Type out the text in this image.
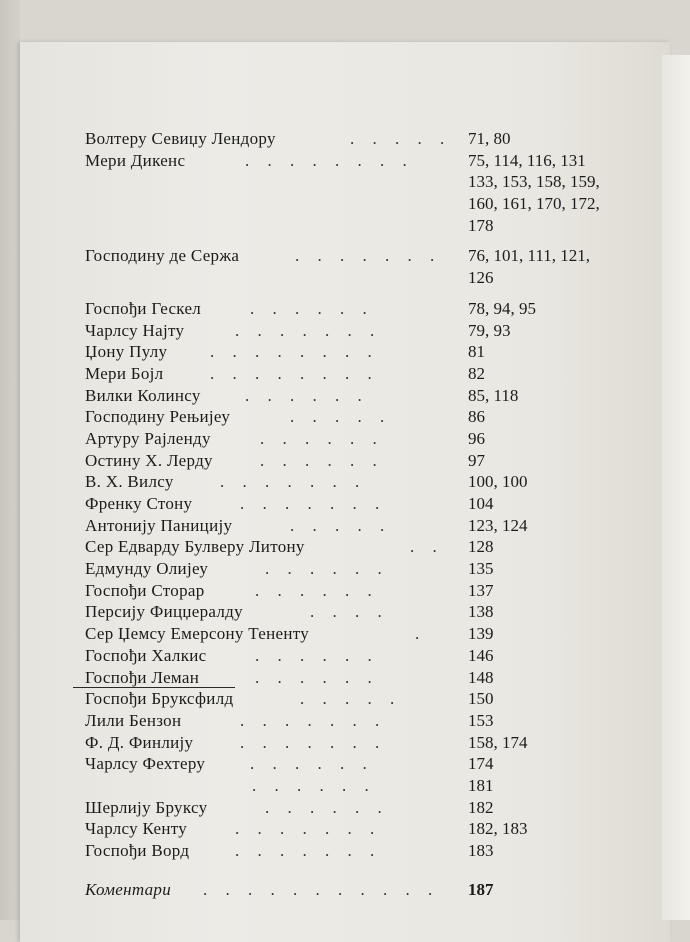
Волтеру Севиџу Лендору	. . . . . 71, 80
Мери Дикенс	. . . . . . . .	75, 114, 116, 131
133, 153, 158, 159,
160, 161, 170, 172,
178
Господину де Сержа	. . . . . . . 76, 101, 111, 121,
126
Госпођи Гескел	. . . . . .	78, 94, 95
Чарлсу Најту	. . . . . . .	79, 93
Џону Пулу	. . . . . . . .	81
Мери Бојл	. . . . . . . .	82
Вилки Колинсу	. . . . . .	85, 118
Господину Рењијеу	. . . . .	86
Артуру Рајленду	. . . . . .	96
Остину Х. Лерду	. . . . . .	97
В. Х. Вилсу	. . . . . . .	100, 100
Френку Стону	. . . . . . .	104
Антонију Паницију	. . . . .	123, 124
Сер Едварду Булверу Литону	. . 128
Едмунду Олијеу	. . . . . .	135
Госпођи Сторар	. . . . . .	137
Персију Фицџералду	. . . .	138
Сер Џемсу Емерсону Тененту	. 139
Госпођи Халкис	. . . . . .	146
Госпођи Леман	. . . . . .	148
Госпођи Бруксфилд	. . . . .	150
Лили Бензон	. . . . . . .	153
Ф. Д. Финлију	. . . . . . .	158, 174
Чарлсу Фехтеру	. . . . . .	174
. . . . . .	181
Шерлију Бруксу	. . . . . .	182
Чарлсу Кенту	. . . . . . .	182, 183
Госпођи Ворд	. . . . . . .	183
Коментари . . . . . . . . . . . 187
